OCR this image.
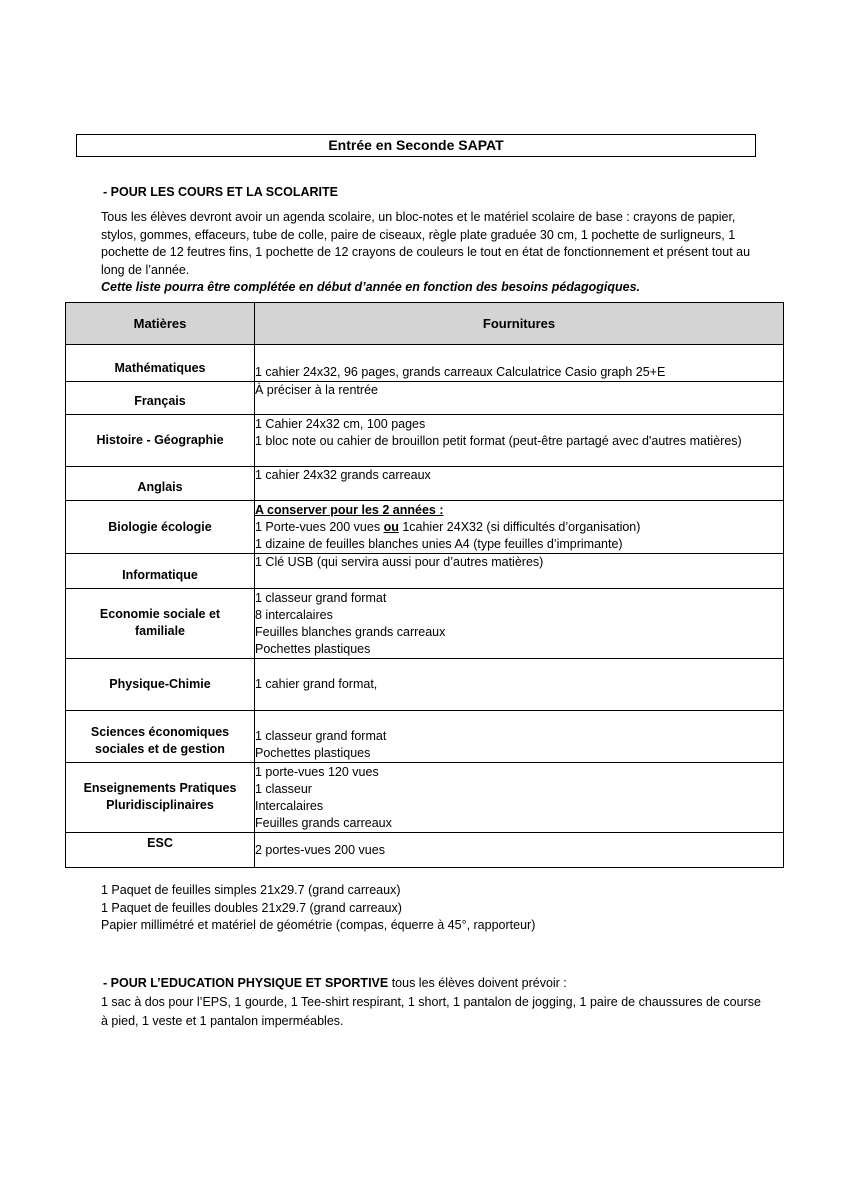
Entrée en Seconde SAPAT
- POUR LES COURS ET LA SCOLARITE
Tous les élèves devront avoir un agenda scolaire, un bloc-notes et le matériel scolaire de base : crayons de papier, stylos, gommes, effaceurs, tube de colle, paire de ciseaux, règle plate graduée 30 cm, 1 pochette de surligneurs, 1 pochette de 12 feutres fins, 1 pochette de 12 crayons de couleurs le tout en état de fonctionnement et présent tout au long de l’année.
Cette liste pourra être complétée en début d’année en fonction des besoins pédagogiques.
Matières	Fournitures

Mathématiques	1 cahier 24x32, 96 pages, grands carreaux Calculatrice Casio graph 25+E

Français	À préciser à la rentrée

Histoire - Géographie	1 Cahier 24x32 cm, 100 pages
1 bloc note ou cahier de brouillon petit format (peut-être partagé avec d'autres matières)

Anglais	1 cahier 24x32 grands carreaux

Biologie écologie	A conserver pour les 2 années :
1 Porte-vues 200 vues ou 1cahier 24X32 (si difficultés d’organisation)
1 dizaine de feuilles blanches unies A4 (type feuilles d’imprimante)

Informatique	1 Clé USB (qui servira aussi pour d’autres matières)

Economie sociale et
familiale	1 classeur grand format
8 intercalaires
Feuilles blanches grands carreaux
Pochettes plastiques

Physique-Chimie	1 cahier grand format,

Sciences économiques
sociales et de gestion	1 classeur grand format
Pochettes plastiques

Enseignements Pratiques
Pluridisciplinaires	1 porte-vues 120 vues
1 classeur
Intercalaires
Feuilles grands carreaux

ESC	2 portes-vues 200 vues
1 Paquet de feuilles simples 21x29.7 (grand carreaux)
1 Paquet de feuilles doubles 21x29.7 (grand carreaux)
Papier millimétré et matériel de géométrie (compas, équerre à 45°, rapporteur)
- POUR L’EDUCATION PHYSIQUE ET SPORTIVE tous les élèves doivent prévoir :
1 sac à dos pour l’EPS, 1 gourde, 1 Tee-shirt respirant, 1 short, 1 pantalon de jogging, 1 paire de chaussures de course à pied, 1 veste et 1 pantalon imperméables.
